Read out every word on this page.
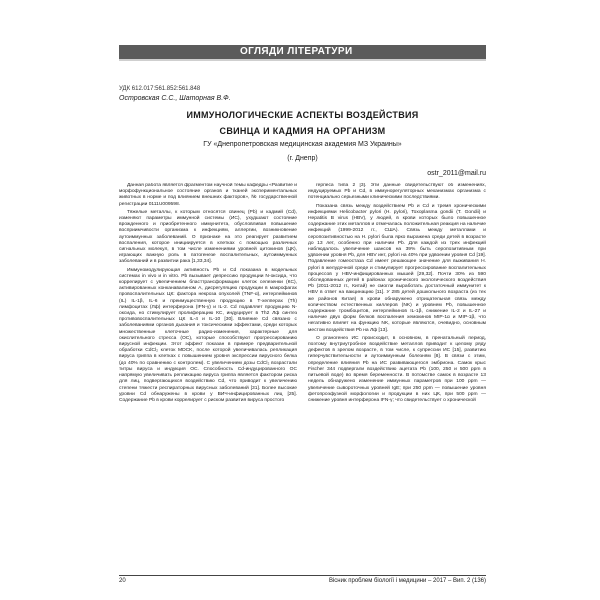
ОГЛЯДИ ЛІТЕРАТУРИ
УДК 612.017:561.852:561.848
Островская С.С., Шаторная В.Ф.
ИММУНОЛОГИЧЕСКИЕ АСПЕКТЫ ВОЗДЕЙСТВИЯ
СВИНЦА И КАДМИЯ НА ОРГАНИЗМ
ГУ «Днепропетровская медицинская академия МЗ Украины»
(г. Днепр)
ostr_2011@mail.ru

Данная работа является фрагментом научной темы кафедры «Развитие и морфофункциональное состояние органов и тканей экспериментальных животных в норме и под влиянием внешних факторов», № государственной регистрации 0111U009598.

Тяжелые металлы, к которым относятся свинец (Pb) и кадмий (Cd), изменяют параметры иммунной системы (ИС), ухудшают состояние врожденного и приобретенного иммунитета, обусловливая повышение восприимчивости организма к инфекциям, аллергии, возникновение аутоиммунных заболеваний. О признаке на это реагирует развитием воспаления, которое инициируется в клетках с помощью различных сигнальных молекул, в том числе изменениями уровней цитокинов (ЦК), играющих важную роль в патогенезе воспалительных, аутоиммунных заболеваний и в развитии рака [1,33,34].

Иммуномодулирующая активность Pb и Cd показана в модельных системах in vivo и in vitro. Pb вызывает депрессию продукции N-оксида, что коррелирует с увеличением бласттрансформации клеток селезенки (КС), активированных конканавалином А, дисрегуляцию продукции в макрофагах провоспалительных ЦК: фактора некроза опухолей (TNF-α), интерлейкинов (IL) IL-1β, IL-6 и преимущественную продукцию в Т-хелперах (Th) лимфоцитах (Лф) интерферона (IFN-γ) и IL-2. Cd подавляет продукцию N-оксида, но стимулирует пролиферацию КС, индуцирует в Th2 Лф синтез противовоспалительных ЦК IL-4 и IL-10 [30]. Влияние Cd связано с заболеваниями органов дыхания и токсическими эффектами, среди которых множественные клеточные радио-изменения, характерные для окислительного стресса (ОС), которые способствуют прогрессированию вирусной инфекции. Этот эффект показан в примере предварительной обработки CdCl₂ клеток MDCK, после которой увеличивалась репликация вируса гриппа в клетках с повышением уровня экспрессии вирусного белка (до 40% по сравнению с контролем). С увеличением дозы CdCl₂ возрастали титры вируса и индукция ОС. Способность Cd-индуцированного ОС напрямую увеличивать репликацию вируса гриппа является фактором риска для лиц, подвергающихся воздействию Cd, что приводит к увеличению степени тяжести респираторных вирусных заболеваний [31]. Более высокие уровни Cd обнаружены в крови у ВИЧ-инфицированных лиц [25]. Содержание Pb в крови коррелирует с риском развития вируса простого

герпеса типа 2 [3]. Эти данные свидетельствуют об изменениях, индуцируемых Pb и Cd, в иммунорегуляторных механизмах организма с потенциально серьезными клиническими последствиями.

Показана связь между воздействием Pb и Cd и тремя хроническими инфекциями Helicobacter pylori (H. pylori), Toxoplasma gondii (T. Gondii) и Hepatitis B virus (HBV), у людей, в крови которых было повышенное содержание этих металлов и отмечалась положительная реакция на наличие инфекций (1999-2012 гг., США). Связь между металлами и серопозитивностью на H. pylori была ярко выражена среди детей в возрасте до 13 лет, особенно при наличии Pb. Для каждой из трех инфекций наблюдалось увеличение шансов на 39% быть серопозитивным при удвоении уровня Pb, для HBV инт, pylori на 40% при удвоении уровня Cd [19]. Подавление гомеостаза Cd имеет решающее значение для выживания H. pylori в желудочной среде и стимулирует прогрессирование воспалительных процессов у HBV-инфицированных мышей [29,32]. Почти 30% из 590 обследованных детей в районах хронического экологического воздействия Pb (2011-2012 гг., Китай) не смогли выработать достаточный иммунитет к HBV в ответ на вакцинацию [11]. У 285 детей дошкольного возраста (из тех же районов Китая) в крови обнаружено отрицательная связь между количеством естественных киллеров (NK) и уровнем Pb, повышенное содержание тромбоцитов, интерлейкинов IL-1β, снижение IL-2 и IL-27 и наличие двух форм белков воспаления хемокинов MIP-1α и MIP-1β, что негативно влияет на функцию NK, которые являются, очевидно, основным местом воздействия Pb на Лф [13].

О рганогенез ИС происходит, в основном, в пренатальный период, поэтому внутриутробное воздействие металлов приводит к целому ряду дефектов в зрелом возрасте, в том числе, к супрессии ИС [15], развитию гиперчувствительности и аутоиммунным болезням [8]. В связи с этим, определение влияния Pb на ИС развивающегося эмбриона. Самок крыс Fischer 344 подвергали воздействию ацетата Pb (100, 250 и 500 ppm в питьевой воде) во время беременности. В потомстве самок в возрасте 13 недель обнаружено изменение иммунных параметров при 100 ppm — увеличение сывороточных уровней IgE; при 250 ppm — повышение уровня фетопроэфузной морфологии и продукции в них ЦК, при 500 ppm — снижение уровня интерферона IFN-γ; что свидетельствует о хронической

20	Вісник проблем біології і медицини – 2017 – Вип. 2 (136)
